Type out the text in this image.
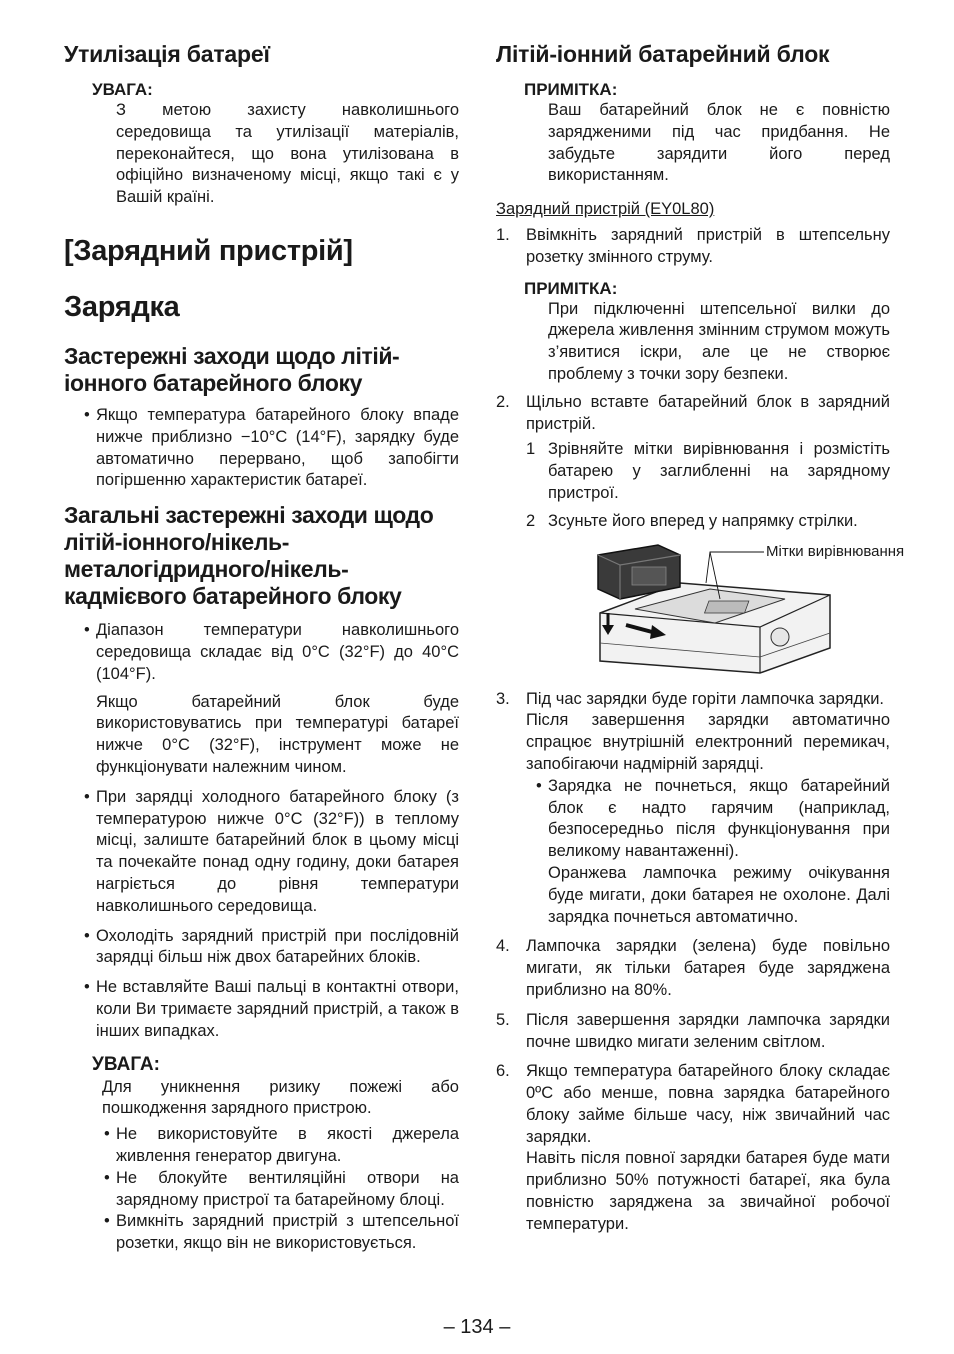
Утилізація батареї
УВАГА:

З метою захисту навколишнього середовища та утилізації матеріалів, переконайтеся, що вона утилізована в офіційно визначеному місці, якщо такі є у Вашій країні.

[Зарядний пристрій]
Зарядка
Застережні заходи щодо літій-іонного батарейного блоку
• Якщо температура батарейного блоку впаде нижче приблизно −10°C (14°F), зарядку буде автоматично перервано, щоб запобігти погіршенню характеристик батареї.
Загальні застережні заходи щодо літій-іонного/нікель-металогідридного/нікель-кадмієвого батарейного блоку

• Діапазон температури навколишнього середовища складає від 0°C (32°F) до 40°C (104°F).

Якщо батарейний блок буде використовуватись при температурі батареї нижче 0°C (32°F), інструмент може не функціонувати належним чином.

• При зарядці холодного батарейного блоку (з температурою нижче 0°C (32°F)) в теплому місці, залиште батарейний блок в цьому місці та почекайте понад одну годину, доки батарея нагріється до рівня температури навколишнього середовища.

• Охолодіть зарядний пристрій при послідовній зарядці більш ніж двох батарейних блоків.

• Не вставляйте Ваші пальці в контактні отвори, коли Ви тримаєте зарядний пристрій, а також в інших випадках.

УВАГА:

Для уникнення ризику пожежі або пошкодження зарядного пристрою.

• Не використовуйте в якості джерела живлення генератор двигуна.
• Не блокуйте вентиляційні отвори на зарядному пристрої та батарейному блоці.
• Вимкніть зарядний пристрій з штепсельної розетки, якщо він не використовується.
Літій-іонний батарейний блок
ПРИМІТКА:

Ваш батарейний блок не є повністю зарядженими під час придбання. Не забудьте зарядити його перед використанням.

Зарядний пристрій (EY0L80)

1. Ввімкніть зарядний пристрій в штепсельну розетку змінного струму.

ПРИМІТКА:

При підключенні штепсельної вилки до джерела живлення змінним струмом можуть з’явитися іскри, але це не створює проблему з точки зору безпеки.

2. Щільно вставте батарейний блок в зарядний пристрій.

1 Зрівняйте мітки вирівнювання і розмістіть батарею у заглибленні на зарядному пристрої.

2 Зсуньте його вперед у напрямку стрілки.

Мітки вирівнювання
3. Під час зарядки буде горіти лампочка зарядки.

Після завершення зарядки автоматично спрацює внутрішній електронний перемикач, запобігаючи надмірній зарядці.

• Зарядка не почнеться, якщо батарейний блок є надто гарячим (наприклад, безпосередньо після функціонування при великому навантаженні).

Оранжева лампочка режиму очікування буде мигати, доки батарея не охолоне. Далі зарядка почнеться автоматично.

4. Лампочка зарядки (зелена) буде повільно мигати, як тільки батарея буде заряджена приблизно на 80%.

5. Після завершення зарядки лампочка зарядки почне швидко мигати зеленим світлом.

6. Якщо температура батарейного блоку складає 0ºC або менше, повна зарядка батарейного блоку займе більше часу, ніж звичайний час зарядки.

Навіть після повної зарядки батарея буде мати приблизно 50% потужності батареї, яка була повністю заряджена за звичайної робочої температури.

– 134 –
